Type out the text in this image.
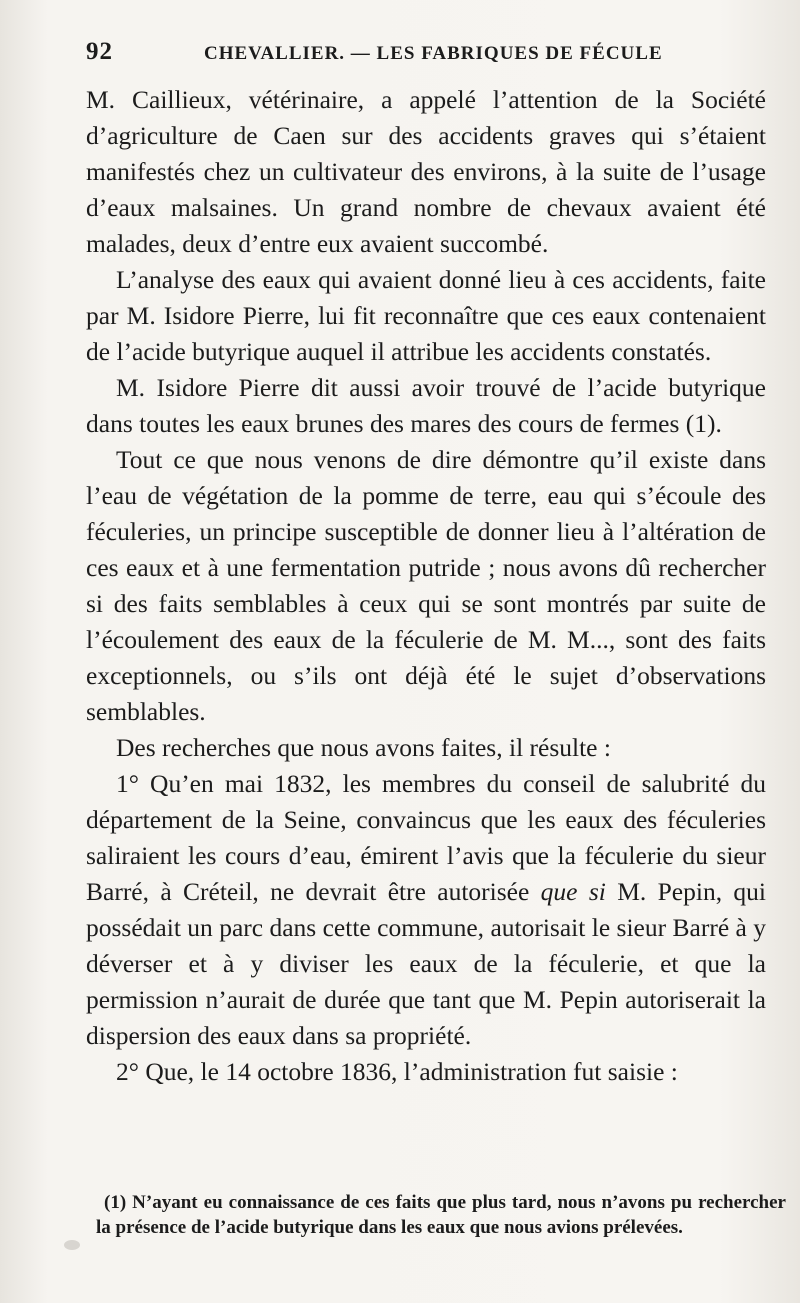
92	CHEVALLIER. — LES FABRIQUES DE FÉCULE

M. Caillieux, vétérinaire, a appelé l’attention de la Société d’agriculture de Caen sur des accidents graves qui s’étaient manifestés chez un cultivateur des environs, à la suite de l’usage d’eaux malsaines. Un grand nombre de chevaux avaient été malades, deux d’entre eux avaient succombé.

L’analyse des eaux qui avaient donné lieu à ces accidents, faite par M. Isidore Pierre, lui fit reconnaître que ces eaux contenaient de l’acide butyrique auquel il attribue les accidents constatés.

M. Isidore Pierre dit aussi avoir trouvé de l’acide butyrique dans toutes les eaux brunes des mares des cours de fermes (1).

Tout ce que nous venons de dire démontre qu’il existe dans l’eau de végétation de la pomme de terre, eau qui s’écoule des féculeries, un principe susceptible de donner lieu à l’altération de ces eaux et à une fermentation putride ; nous avons dû rechercher si des faits semblables à ceux qui se sont montrés par suite de l’écoulement des eaux de la féculerie de M. M..., sont des faits exceptionnels, ou s’ils ont déjà été le sujet d’observations semblables.

Des recherches que nous avons faites, il résulte :

1° Qu’en mai 1832, les membres du conseil de salubrité du département de la Seine, convaincus que les eaux des féculeries saliraient les cours d’eau, émirent l’avis que la féculerie du sieur Barré, à Créteil, ne devrait être autorisée que si M. Pepin, qui possédait un parc dans cette commune, autorisait le sieur Barré à y déverser et à y diviser les eaux de la féculerie, et que la permission n’aurait de durée que tant que M. Pepin autoriserait la dispersion des eaux dans sa propriété.

2° Que, le 14 octobre 1836, l’administration fut saisie :

(1) N’ayant eu connaissance de ces faits que plus tard, nous n’avons pu rechercher la présence de l’acide butyrique dans les eaux que nous avions prélevées.
